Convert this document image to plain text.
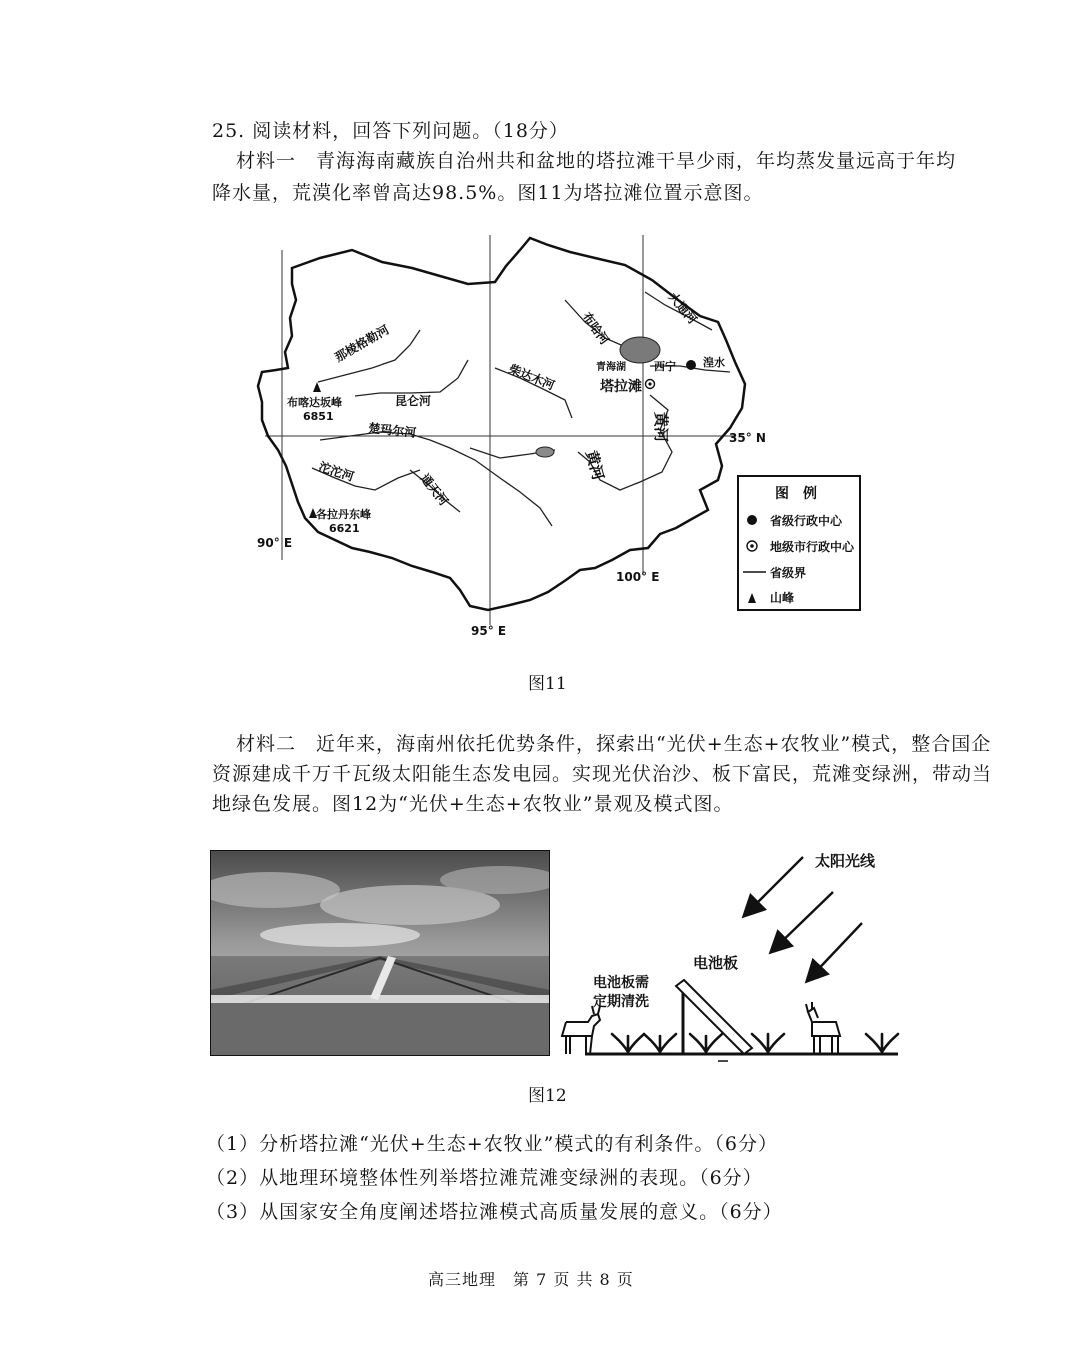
25. 阅读材料，回答下列问题。（18分）
材料一　青海海南藏族自治州共和盆地的塔拉滩干旱少雨，年均蒸发量远高于年均
降水量，荒漠化率曾高达98.5%。图11为塔拉滩位置示意图。
那棱格勒河
昆仑河
柴达木河
布哈河
大通河
青海湖	西宁 湟水
塔拉滩
黄河
黄河
楚玛尔河
沱沱河	通天河
布喀达坂峰
6851
各拉丹东峰
6621
35° N
90° E
95° E
100° E
图　例
省级行政中心
地级市行政中心
省级界
山峰
图11
材料二　近年来，海南州依托优势条件，探索出“光伏+生态+农牧业”模式，整合国企
资源建成千万千瓦级太阳能生态发电园。实现光伏治沙、板下富民，荒滩变绿洲，带动当
地绿色发展。图12为“光伏+生态+农牧业”景观及模式图。
太阳光线
电池板
电池板需
定期清洗
图12
（1）分析塔拉滩“光伏+生态+农牧业”模式的有利条件。（6分）
（2）从地理环境整体性列举塔拉滩荒滩变绿洲的表现。（6分）
（3）从国家安全角度阐述塔拉滩模式高质量发展的意义。（6分）
高三地理　第 7 页 共 8 页
